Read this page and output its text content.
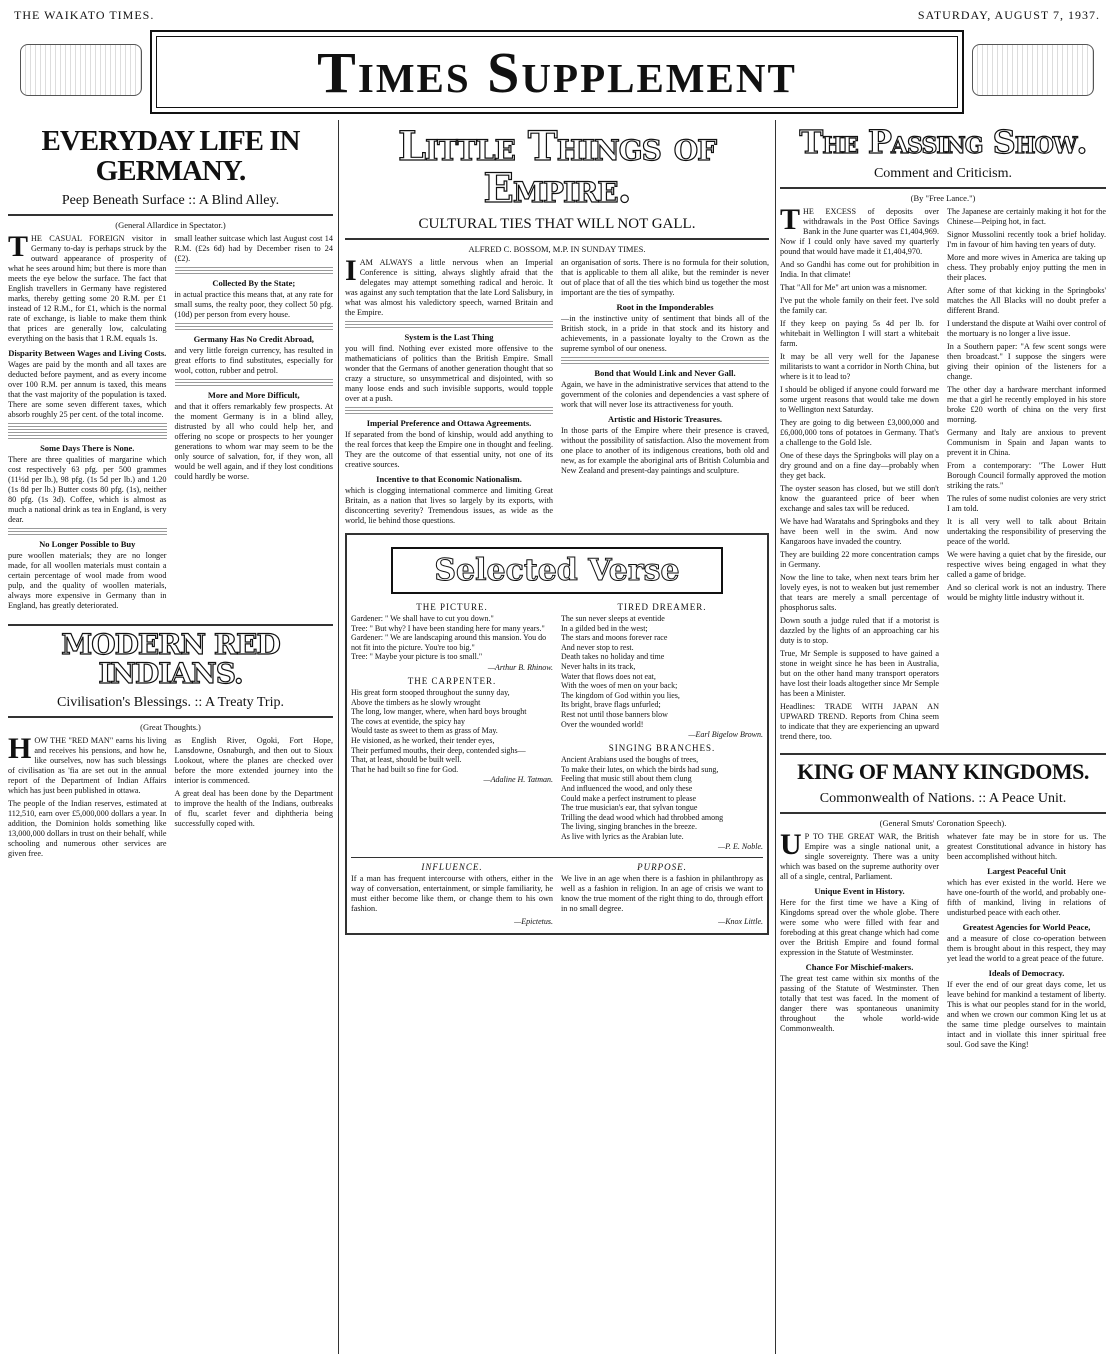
THE WAIKATO TIMES.	SATURDAY, AUGUST 7, 1937.
Times Supplement
EVERYDAY LIFE IN GERMANY.
Peep Beneath Surface :: A Blind Alley.
(General Allardice in Spectator.)

THE CASUAL FOREIGN visitor in Germany to-day is perhaps struck by the outward appearance of prosperity of what he sees around him; but there is more than meets the eye below the surface. The fact that English travellers in Germany have registered marks, thereby getting some 20 R.M. per £1 instead of 12 R.M., for £1, which is the normal rate of exchange, is liable to make them think that prices are generally low, calculating everything on the basis that 1 R.M. equals 1s.

Disparity Between Wages and Living Costs.

Wages are paid by the month and all taxes are deducted before payment, and as every income over 100 R.M. per annum is taxed, this means that the vast majority of the population is taxed. There are some seven different taxes, which absorb roughly 25 per cent. of the total income.

Some Days There is None.

There are three qualities of margarine which cost respectively 63 pfg. per 500 grammes (11½d per lb.), 98 pfg. (1s 5d per lb.) and 1.20 (1s 8d per lb.) Butter costs 80 pfg. (1s), neither 80 pfg. (1s 3d). Coffee, which is almost as much a national drink as tea in England, is very dear.

No Longer Possible to Buy

pure woollen materials; they are no longer made, for all woollen materials must contain a certain percentage of wool made from wood pulp, and the quality of woollen materials, always more expensive in Germany than in England, has greatly deteriorated.

small leather suitcase which last August cost 14 R.M. (£2s 6d) had by December risen to 24 (£2).

Collected By the State;

in actual practice this means that, at any rate for small sums, the realty poor, they collect 50 pfg. (10d) per person from every house.

Germany Has No Credit Abroad,

and very little foreign currency, has resulted in great efforts to find substitutes, especially for wool, cotton, rubber and petrol.

More and More Difficult,

and that it offers remarkably few prospects. At the moment Germany is in a blind alley, distrusted by all who could help her, and offering no scope or prospects to her younger generations to whom war may seem to be the only source of salvation, for, if they won, all would be well again, and if they lost conditions could hardly be worse.

MODERN RED INDIANS.
Civilisation's Blessings. :: A Treaty Trip.
(Great Thoughts.)

HOW THE "RED MAN" earns his living and receives his pensions, and how he, like ourselves, now has such blessings of civilisation as 'fia are set out in the annual report of the Department of Indian Affairs which has just been published in ottawa.

The people of the Indian reserves, estimated at 112,510, earn over £5,000,000 dollars a year. In addition, the Dominion holds something like 13,000,000 dollars in trust on their behalf, while schooling and numerous other services are given free.

as English River, Ogoki, Fort Hope, Lansdowne, Osnaburgh, and then out to Sioux Lookout, where the planes are checked over before the more extended journey into the interior is commenced.

A great deal has been done by the Department to improve the health of the Indians, outbreaks of flu, scarlet fever and diphtheria being successfully coped with.

Little Things of Empire.
CULTURAL TIES THAT WILL NOT GALL.
ALFRED C. BOSSOM, M.P. IN SUNDAY TIMES.

IAM ALWAYS a little nervous when an Imperial Conference is sitting, always slightly afraid that the delegates may attempt something radical and heroic. It was against any such temptation that the late Lord Salisbury, in what was almost his valedictory speech, warned Britain and the Empire.

System is the Last Thing

you will find. Nothing ever existed more offensive to the mathematicians of politics than the British Empire. Small wonder that the Germans of another generation thought that so crazy a structure, so unsymmetrical and disjointed, with so many loose ends and such invisible supports, would topple over at a push.

Imperial Preference and Ottawa Agreements.

If separated from the bond of kinship, would add anything to the real forces that keep the Empire one in thought and feeling. They are the outcome of that essential unity, not one of its creative sources.

Incentive to that Economic Nationalism.

which is clogging international commerce and limiting Great Britain, as a nation that lives so largely by its exports, with disconcerting severity? Tremendous issues, as wide as the world, lie behind those questions.

an organisation of sorts. There is no formula for their solution, that is applicable to them all alike, but the reminder is never out of place that of all the ties which bind us together the most important are the ties of sympathy.

Root in the Imponderables

—in the instinctive unity of sentiment that binds all of the British stock, in a pride in that stock and its history and achievements, in a passionate loyalty to the Crown as the supreme symbol of our oneness.

Bond that Would Link and Never Gall.

Again, we have in the administrative services that attend to the government of the colonies and dependencies a vast sphere of work that will never lose its attractiveness for youth.

Artistic and Historic Treasures.

In those parts of the Empire where their presence is craved, without the possibility of satisfaction. Also the movement from one place to another of its indigenous creations, both old and new, as for example the aboriginal arts of British Columbia and New Zealand and present-day paintings and sculpture.

Selected Verse
THE PICTURE.

Gardener: " We shall have to cut you down."
Tree: " But why? I have been standing here for many years."
Gardener: " We are landscaping around this mansion. You do not fit into the picture. You're too big."
Tree: " Maybe your picture is too small."

—Arthur B. Rhinow.
THE CARPENTER.

His great form stooped throughout the sunny day,
Above the timbers as he slowly wrought
The long, low manger, where, when hard boys brought
The cows at eventide, the spicy hay
Would taste as sweet to them as grass of May.
He visioned, as he worked, their tender eyes,
Their perfumed mouths, their deep, contended sighs—
That, at least, should be built well.
That he had built so fine for God.

—Adaline H. Tatman.
TIRED DREAMER.

The sun never sleeps at eventide
In a gilded bed in the west;
The stars and moons forever race
And never stop to rest.
Death takes no holiday and time
Never halts in its track,
Water that flows does not eat,
With the woes of men on your back;
The kingdom of God within you lies,
Its bright, brave flags unfurled;
Rest not until those banners blow
Over the wounded world!

—Earl Bigelow Brown.
SINGING BRANCHES.

Ancient Arabians used the boughs of trees,
To make their lutes, on which the birds had sung,
Feeling that music still about them clung
And influenced the wood, and only these
Could make a perfect instrument to please
The true musician's ear, that sylvan tongue
Trilling the dead wood which had throbbed among
The living, singing branches in the breeze.
As live with lyrics as the Arabian lute.

—P. E. Noble.
INFLUENCE.

If a man has frequent intercourse with others, either in the way of conversation, entertainment, or simple familiarity, he must either become like them, or change them to his own fashion.

—Epictetus.
PURPOSE.

We live in an age when there is a fashion in philanthropy as well as a fashion in religion. In an age of crisis we want to know the true moment of the right thing to do, through effort in no small degree.

—Knox Little.
The Passing Show.
Comment and Criticism.
(By "Free Lance.")

THE EXCESS of deposits over withdrawals in the Post Office Savings Bank in the June quarter was £1,404,969. Now if I could only have saved my quarterly pound that would have made it £1,404,970.

And so Gandhi has come out for prohibition in India. In that climate!

That "All for Me" art union was a misnomer.

I've put the whole family on their feet. I've sold the family car.

If they keep on paying 5s 4d per lb. for whitebait in Wellington I will start a whitebait farm.

It may be all very well for the Japanese militarists to want a corridor in North China, but where is it to lead to?

I should be obliged if anyone could forward me some urgent reasons that would take me down to Wellington next Saturday.

They are going to dig between £3,000,000 and £6,000,000 tons of potatoes in Germany. That's a challenge to the Gold Isle.

One of these days the Springboks will play on a dry ground and on a fine day—probably when they get back.

The oyster season has closed, but we still don't know the guaranteed price of beer when exchange and sales tax will be reduced.

We have had Waratahs and Springboks and they have been well in the swim. And now Kangaroos have invaded the country.

They are building 22 more concentration camps in Germany.

Now the line to take, when next tears brim her lovely eyes, is not to weaken but just remember that tears are merely a small percentage of phosphorus salts.

Down south a judge ruled that if a motorist is dazzled by the lights of an approaching car his duty is to stop.

True, Mr Semple is supposed to have gained a stone in weight since he has been in Australia, but on the other hand many transport operators have lost their loads altogether since Mr Semple has been a Minister.

Headlines: TRADE WITH JAPAN AN UPWARD TREND. Reports from China seem to indicate that they are experiencing an upward trend there, too.

The Japanese are certainly making it hot for the Chinese—Peiping hot, in fact.

Signor Mussolini recently took a brief holiday. I'm in favour of him having ten years of duty.

More and more wives in America are taking up chess. They probably enjoy putting the men in their places.

After some of that kicking in the Springboks' matches the All Blacks will no doubt prefer a different Brand.

I understand the dispute at Waihi over control of the mortuary is no longer a live issue.

In a Southern paper: "A few scent songs were then broadcast." I suppose the singers were giving their opinion of the listeners for a change.

The other day a hardware merchant informed me that a girl he recently employed in his store broke £20 worth of china on the very first morning.

Germany and Italy are anxious to prevent Communism in Spain and Japan wants to prevent it in China.

From a contemporary: "The Lower Hutt Borough Council formally approved the motion striking the rats."

The rules of some nudist colonies are very strict I am told.

It is all very well to talk about Britain undertaking the responsibility of preserving the peace of the world.

We were having a quiet chat by the fireside, our respective wives being engaged in what they called a game of bridge.

And so clerical work is not an industry. There would be mighty little industry without it.

KING OF MANY KINGDOMS.
Commonwealth of Nations. :: A Peace Unit.
(General Smuts' Coronation Speech).

UP TO THE GREAT WAR, the British Empire was a single national unit, a single sovereignty. There was a unity which was based on the supreme authority over all of a single, central, Parliament.

Unique Event in History.

Here for the first time we have a King of Kingdoms spread over the whole globe. There were some who were filled with fear and foreboding at this great change which had come over the British Empire and found formal expression in the Statute of Westminster.

Chance For Mischief-makers.

The great test came within six months of the passing of the Statute of Westminster. Then totally that test was faced. In the moment of danger there was spontaneous unanimity throughout the whole world-wide Commonwealth.

whatever fate may be in store for us. The greatest Constitutional advance in history has been accomplished without hitch.

Largest Peaceful Unit

which has ever existed in the world. Here we have one-fourth of the world, and probably one-fifth of mankind, living in relations of undisturbed peace with each other.

Greatest Agencies for World Peace,

and a measure of close co-operation between them is brought about in this respect, they may yet lead the world to a great peace of the future.

Ideals of Democracy.

If ever the end of our great days come, let us leave behind for mankind a testament of liberty. This is what our peoples stand for in the world, and when we crown our common King let us at the same time pledge ourselves to maintain intact and in viollate this inner spiritual free soul. God save the King!
